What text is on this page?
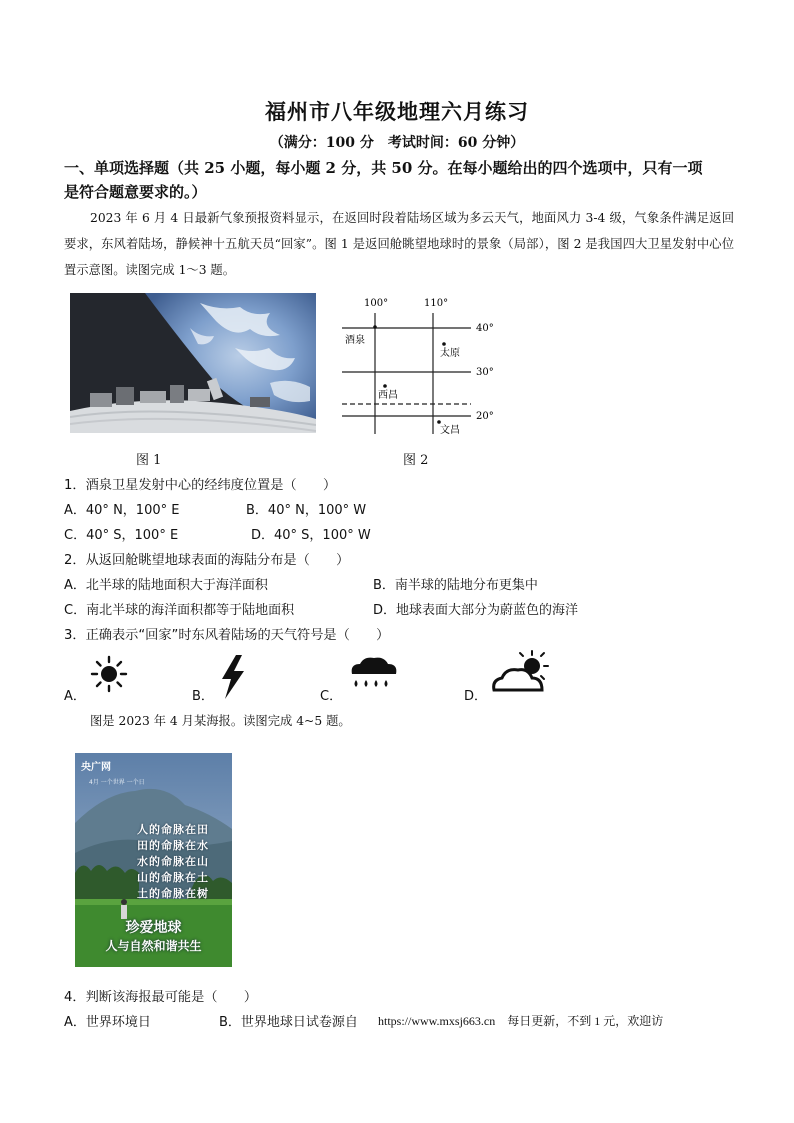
福州市八年级地理六月练习
（满分：100 分　考试时间：60 分钟）
一、单项选择题（共 25 小题，每小题 2 分，共 50 分。在每小题给出的四个选项中，只有一项
是符合题意要求的。）
2023 年 6 月 4 日最新气象预报资料显示，在返回时段着陆场区域为多云天气，地面风力 3-4 级，气象条件满足返回要求，东风着陆场，静候神十五航天员“回家”。图 1 是返回舱眺望地球时的景象（局部），图 2 是我国四大卫星发射中心位置示意图。读图完成 1～3 题。
图 1
100°	110°
40°
30°
20°
酒泉
太原
西昌
文昌
图 2
1．酒泉卫星发射中心的经纬度位置是（　　）
A．40° N，100° E	B．40° N，100° W
C．40° S，100° E	D．40° S，100° W
2．从返回舱眺望地球表面的海陆分布是（　　）
A．北半球的陆地面积大于海洋面积	B．南半球的陆地分布更集中
C．南北半球的海洋面积都等于陆地面积	D．地球表面大部分为蔚蓝色的海洋
3．正确表示“回家”时东风着陆场的天气符号是（　　）
A．	B．	C．	D．
图是 2023 年 4 月某海报。读图完成 4~5 题。
央广网
4月 一个世界 一个日
人的命脉在田
田的命脉在水
水的命脉在山
山的命脉在土
土的命脉在树
珍爱地球
人与自然和谐共生
4．判断该海报最可能是（　　）
A．世界环境日	B．世界地球日试卷源自 https://www.mxsj663.cn　每日更新，不到 1 元，欢迎访
